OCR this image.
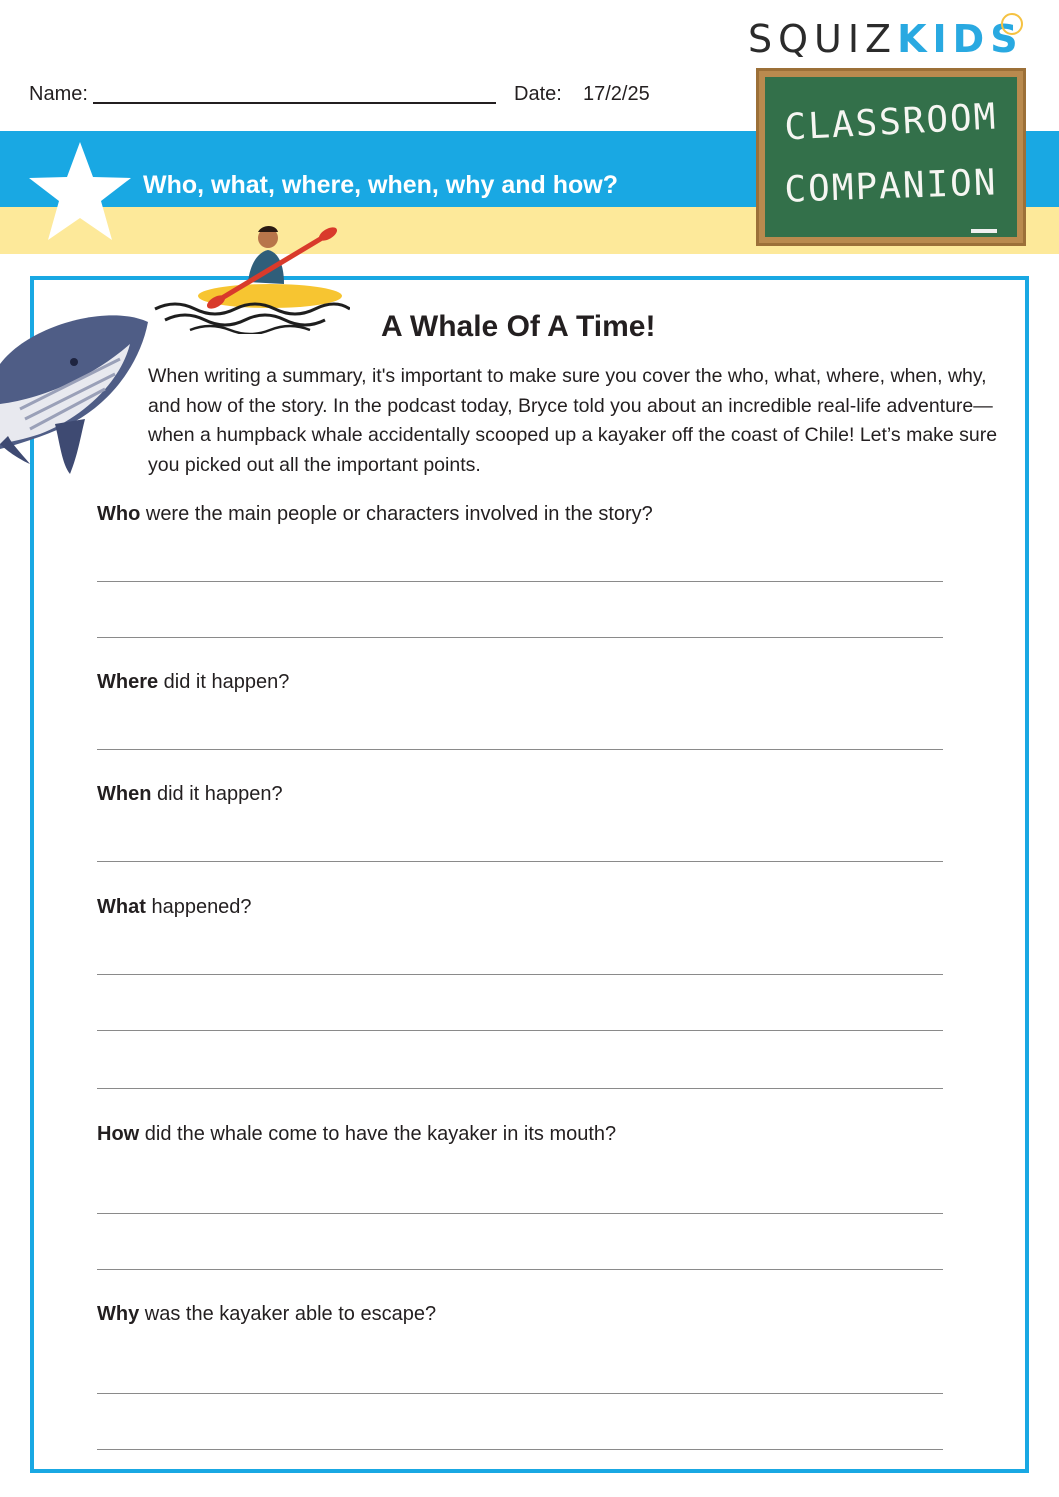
SQUIZKIDS
Name:	Date: 17/2/25
Who, what, where, when, why and how?
CLASSROOM
COMPANION
A Whale Of A Time!
When writing a summary, it's important to make sure you cover the who, what, where, when, why, and how of the story. In the podcast today, Bryce told you about an incredible real-life adventure—when a humpback whale accidentally scooped up a kayaker off the coast of Chile! Let’s make sure you picked out all the important points.
Who were the main people or characters involved in the story?
Where did it happen?
When did it happen?
What happened?
How did the whale come to have the kayaker in its mouth?
Why was the kayaker able to escape?
